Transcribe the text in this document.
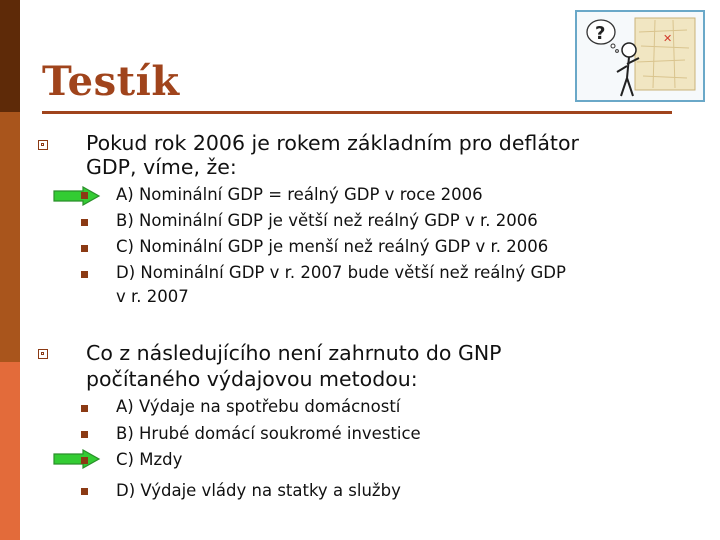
Testík
✕
?
Pokud rok 2006 je rokem základním pro deflátor
GDP, víme, že:
A) Nominální GDP = reálný GDP v roce 2006
B) Nominální GDP je větší než reálný GDP v r. 2006
C) Nominální GDP je menší než reálný GDP v r. 2006
D) Nominální GDP v r. 2007 bude větší než reálný GDP
v r. 2007
Co z následujícího není zahrnuto do GNP
počítaného výdajovou metodou:
A) Výdaje na spotřebu domácností
B) Hrubé domácí soukromé investice
C) Mzdy
D) Výdaje vlády na statky a služby
